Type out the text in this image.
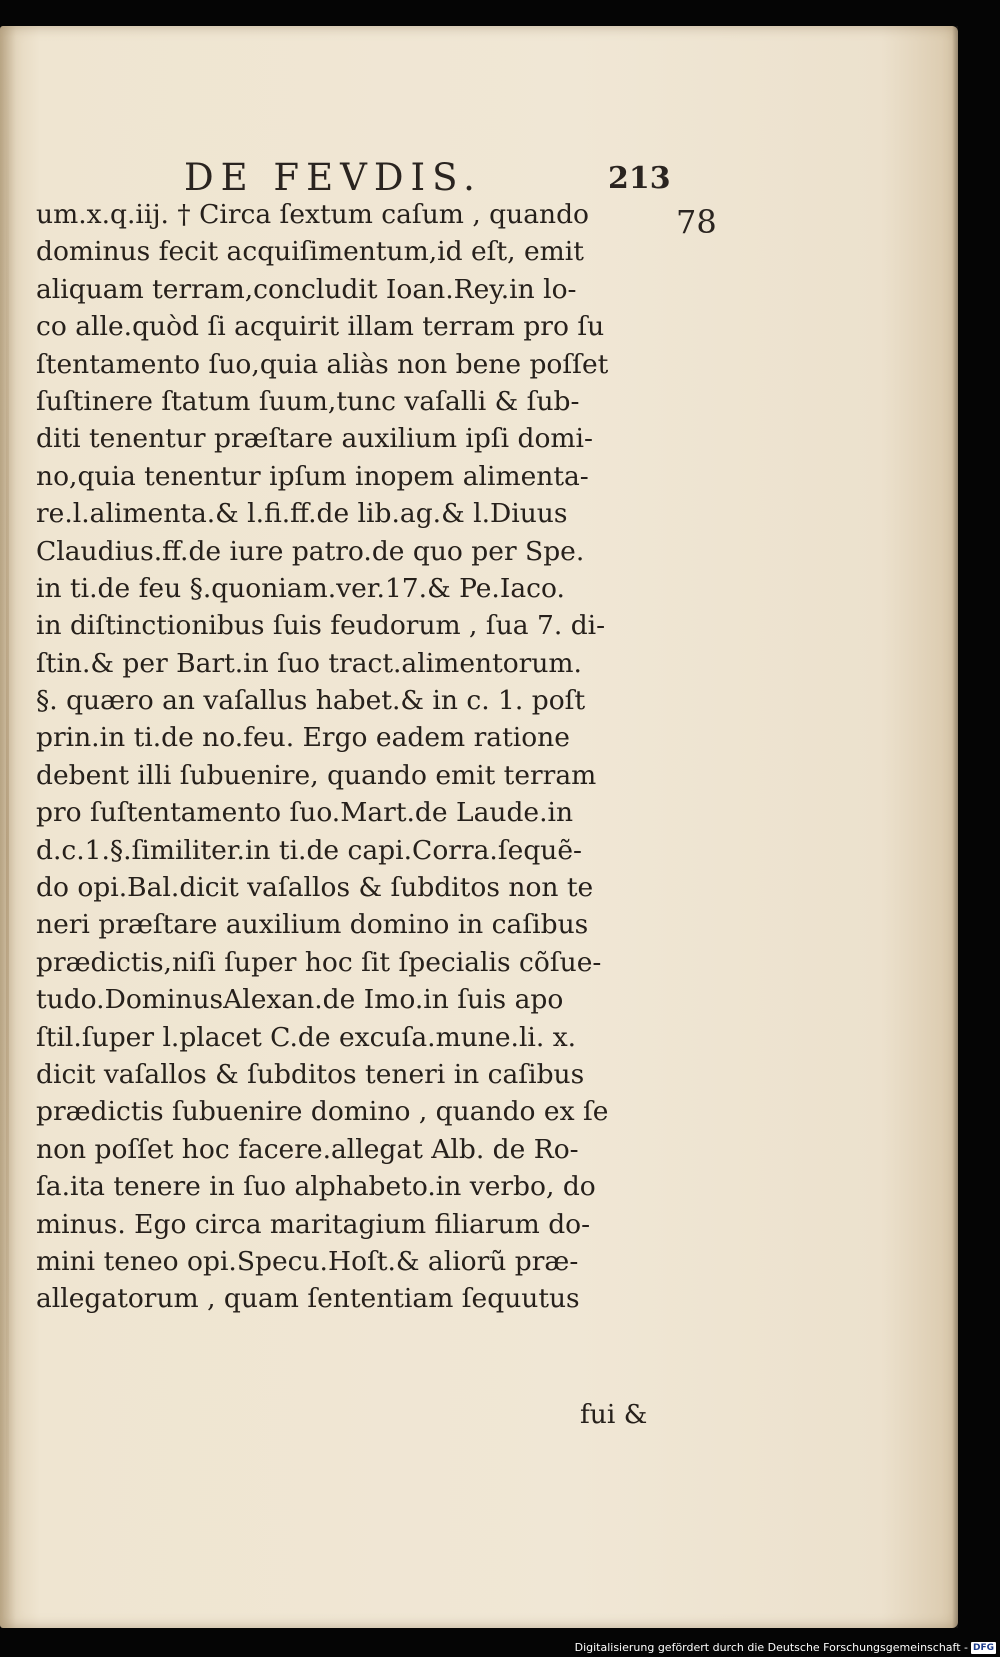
DE FEVDIS.	213
78
um.x.q.iij. † Circa ſextum caſum , quando
dominus fecit acquiſimentum,id eſt, emit
aliquam terram,concludit Ioan.Rey.in lo-
co alle.quòd ſi acquirit illam terram pro ſu
ſtentamento ſuo,quia aliàs non bene poſſet
ſuſtinere ſtatum ſuum,tunc vaſalli & ſub-
diti tenentur præſtare auxilium ipſi domi-
no,quia tenentur ipſum inopem alimenta-
re.l.alimenta.& l.fi.ff.de lib.ag.& l.Diuus
Claudius.ff.de iure patro.de quo per Spe.
in ti.de feu §.quoniam.ver.17.& Pe.Iaco.
in diſtinctionibus ſuis feudorum , ſua 7. di-
ſtin.& per Bart.in ſuo tract.alimentorum.
§. quæro an vaſallus habet.& in c. 1. poſt
prin.in ti.de no.feu. Ergo eadem ratione
debent illi ſubuenire, quando emit terram
pro ſuſtentamento ſuo.Mart.de Laude.in
d.c.1.§.ſimiliter.in ti.de capi.Corra.ſequẽ-
do opi.Bal.dicit vaſallos & ſubditos non te
neri præſtare auxilium domino in caſibus
prædictis,niſi ſuper hoc ſit ſpecialis cõſue-
tudo.DominusAlexan.de Imo.in ſuis apo
ſtil.ſuper l.placet C.de excuſa.mune.li. x.
dicit vaſallos & ſubditos teneri in caſibus
prædictis ſubuenire domino , quando ex ſe
non poſſet hoc facere.allegat Alb. de Ro-
ſa.ita tenere in ſuo alphabeto.in verbo, do
minus. Ego circa maritagium filiarum do-
mini teneo opi.Specu.Hoſt.& aliorũ præ-
allegatorum , quam ſententiam ſequutus
fui &
Digitalisierung gefördert durch die Deutsche Forschungsgemeinschaft - DFG
